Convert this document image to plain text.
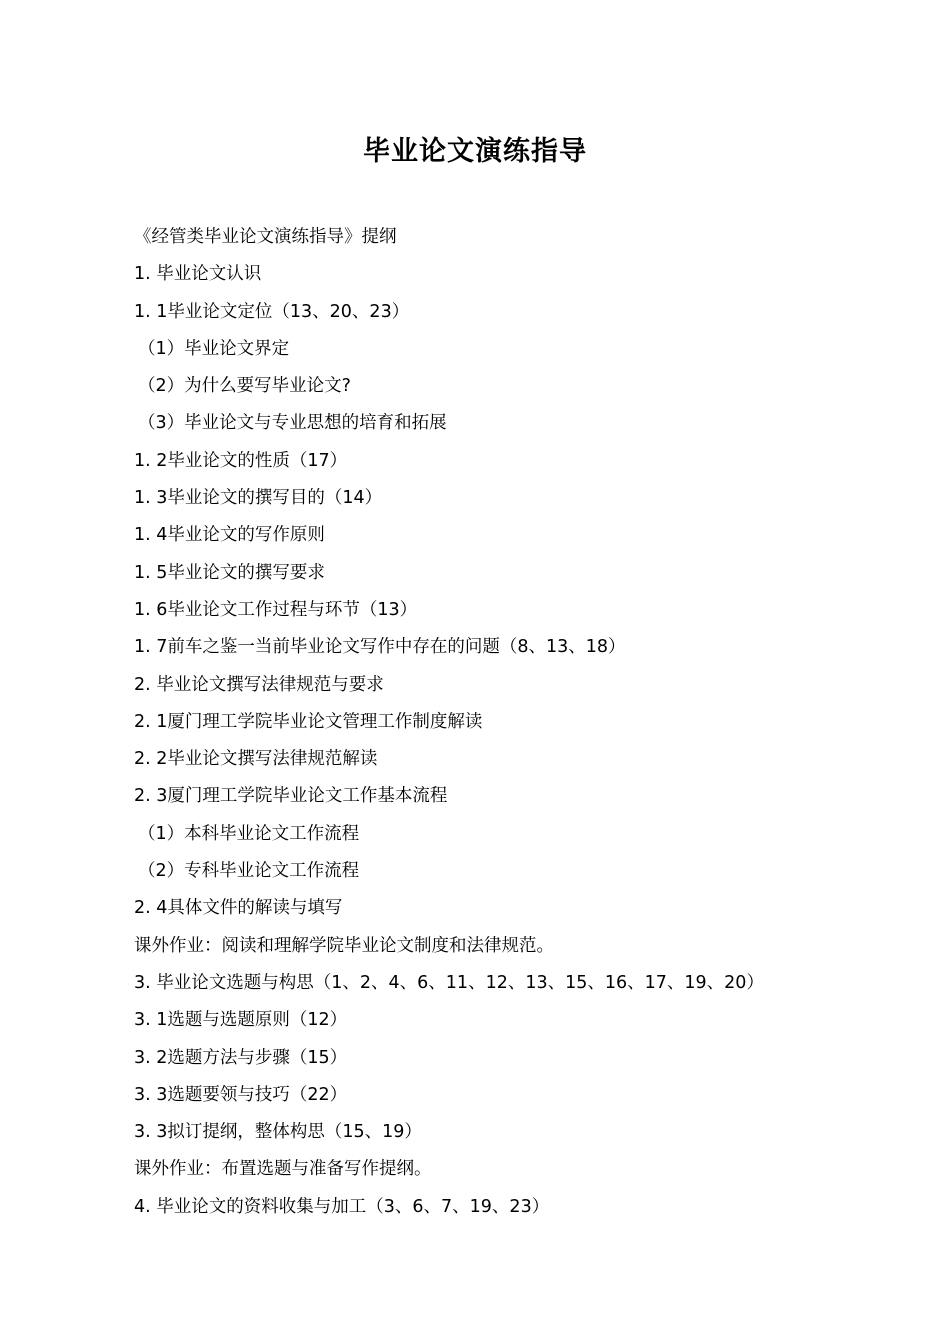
毕业论文演练指导
《经管类毕业论文演练指导》提纲
1. 毕业论文认识
1. 1毕业论文定位（13、20、23）
（1）毕业论文界定
（2）为什么要写毕业论文?
（3）毕业论文与专业思想的培育和拓展
1. 2毕业论文的性质（17）
1. 3毕业论文的撰写目的（14）
1. 4毕业论文的写作原则
1. 5毕业论文的撰写要求
1. 6毕业论文工作过程与环节（13）
1. 7前车之鉴一当前毕业论文写作中存在的问题（8、13、18）
2. 毕业论文撰写法律规范与要求
2. 1厦门理工学院毕业论文管理工作制度解读
2. 2毕业论文撰写法律规范解读
2. 3厦门理工学院毕业论文工作基本流程
（1）本科毕业论文工作流程
（2）专科毕业论文工作流程
2. 4具体文件的解读与填写
课外作业：阅读和理解学院毕业论文制度和法律规范。
3. 毕业论文选题与构思（1、2、4、6、11、12、13、15、16、17、19、20）
3. 1选题与选题原则（12）
3. 2选题方法与步骤（15）
3. 3选题要领与技巧（22）
3. 3拟订提纲，整体构思（15、19）
课外作业：布置选题与准备写作提纲。
4. 毕业论文的资料收集与加工（3、6、7、19、23）
